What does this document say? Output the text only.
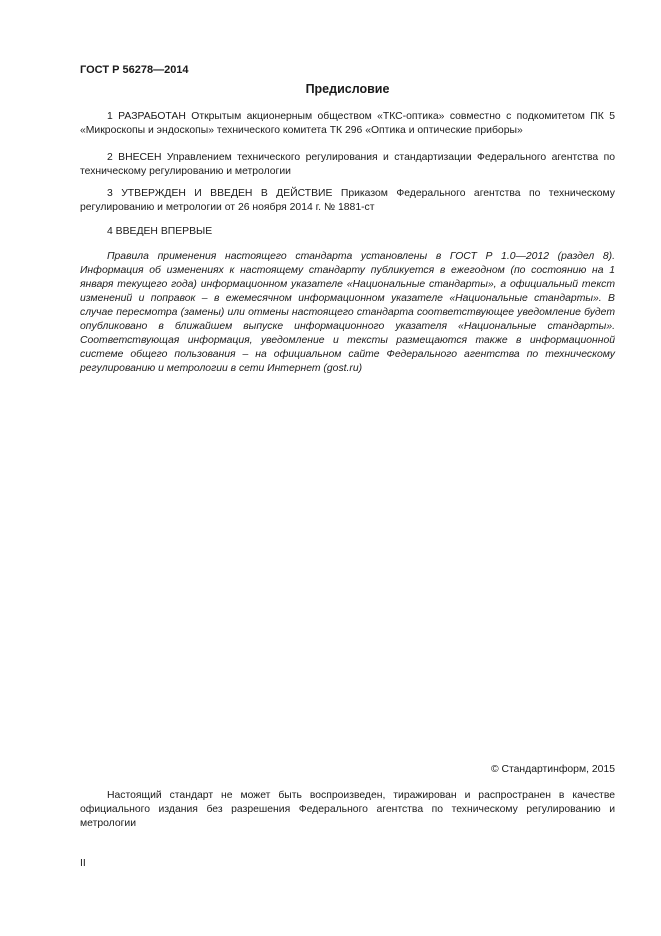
ГОСТ Р 56278—2014
Предисловие

1 РАЗРАБОТАН Открытым акционерным обществом «ТКС-оптика» совместно с подкомитетом ПК 5 «Микроскопы и эндоскопы» технического комитета ТК 296 «Оптика и оптические приборы»

2 ВНЕСЕН Управлением технического регулирования и стандартизации Федерального агентства по техническому регулированию и метрологии

3 УТВЕРЖДЕН И ВВЕДЕН В ДЕЙСТВИЕ Приказом Федерального агентства по техническому регулированию и метрологии от 26 ноября 2014 г. № 1881-ст

4 ВВЕДЕН ВПЕРВЫЕ

Правила применения настоящего стандарта установлены в ГОСТ Р 1.0—2012 (раздел 8). Информация об изменениях к настоящему стандарту публикуется в ежегодном (по состоянию на 1 января текущего года) информационном указателе «Национальные стандарты», а официальный текст изменений и поправок – в ежемесячном информационном указателе «Национальные стандарты». В случае пересмотра (замены) или отмены настоящего стандарта соответствующее уведомление будет опубликовано в ближайшем выпуске информационного указателя «Национальные стандарты». Соответствующая информация, уведомление и тексты размещаются также в информационной системе общего пользования – на официальном сайте Федерального агентства по техническому регулированию и метрологии в сети Интернет (gost.ru)

© Стандартинформ, 2015

Настоящий стандарт не может быть воспроизведен, тиражирован и распространен в качестве официального издания без разрешения Федерального агентства по техническому регулированию и метрологии

II
